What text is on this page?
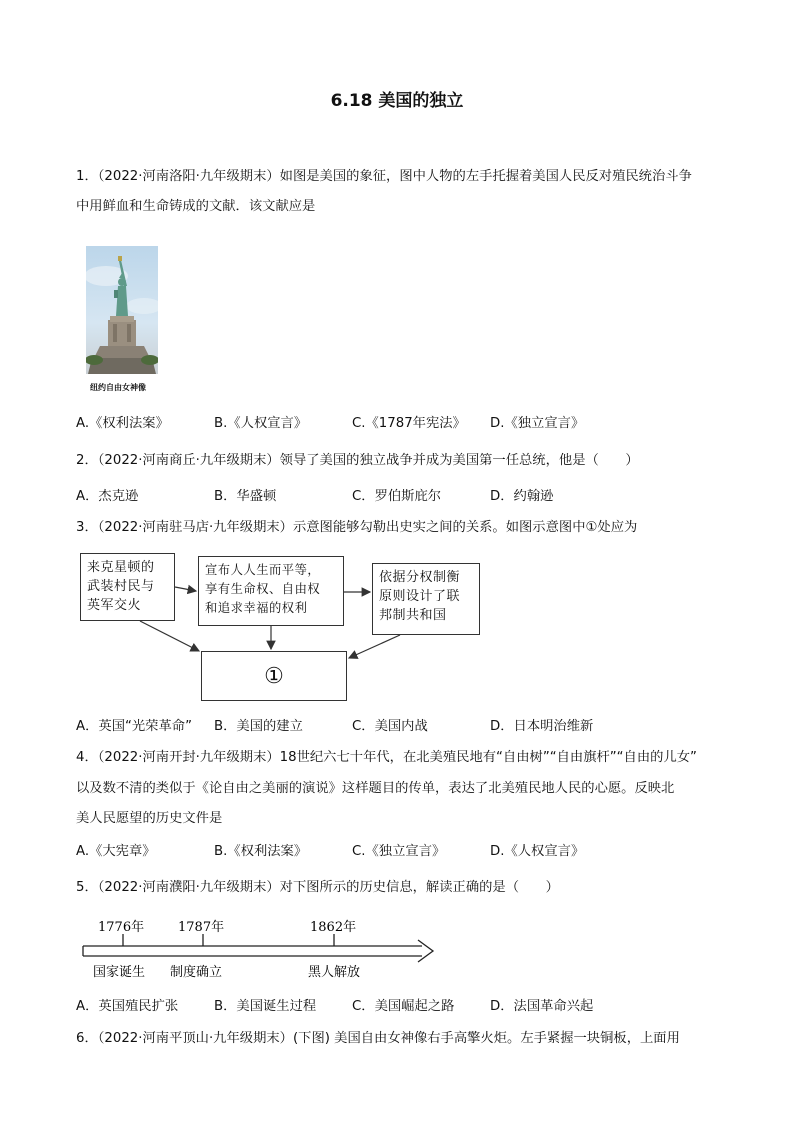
6.18 美国的独立
1．（2022·河南洛阳·九年级期末）如图是美国的象征，图中人物的左手托握着美国人民反对殖民统治斗争
中用鲜血和生命铸成的文献．该文献应是
纽约自由女神像
A.《权利法案》	B.《人权宣言》	C.《1787年宪法》 D.《独立宣言》
2．（2022·河南商丘·九年级期末）领导了美国的独立战争并成为美国第一任总统，他是（　　）
A．杰克逊	B．华盛顿	C．罗伯斯庇尔	D．约翰逊
3．（2022·河南驻马店·九年级期末）示意图能够勾勒出史实之间的关系。如图示意图中①处应为
来克星顿的
武装村民与
英军交火
宣布人人生而平等，
享有生命权、自由权
和追求幸福的权利
依据分权制衡
原则设计了联
邦制共和国
①
A．英国“光荣革命” B．美国的建立	C．美国内战	D．日本明治维新
4．（2022·河南开封·九年级期末）18世纪六七十年代，在北美殖民地有“自由树”“自由旗杆”“自由的儿女”
以及数不清的类似于《论自由之美丽的演说》这样题目的传单，表达了北美殖民地人民的心愿。反映北
美人民愿望的历史文件是
A.《大宪章》	B.《权利法案》	C.《独立宣言》	D.《人权宣言》
5．（2022·河南濮阳·九年级期末）对下图所示的历史信息，解读正确的是（　　）
1776年	1787年	1862年
国家诞生 制度确立	黑人解放
A．英国殖民扩张	B．美国诞生过程	C．美国崛起之路	D．法国革命兴起
6．（2022·河南平顶山·九年级期末）(下图) 美国自由女神像右手高擎火炬。左手紧握一块铜板，上面用
